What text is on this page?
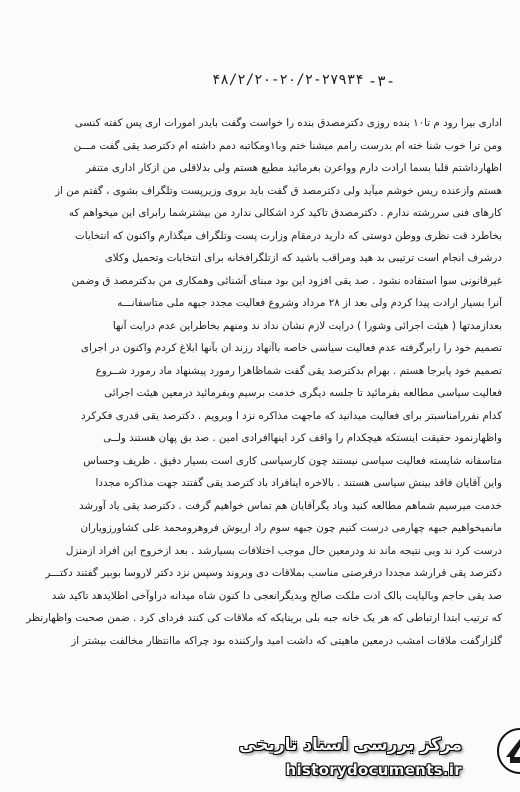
-۳-
۴۸/۲/۲۰-۲۰/۲-۲۷۹۳۴
اداری بیرا رود م تا۱۰ بنده روزی دکترمصدق بنده را خواست وگفت بایدر امورات اری پس کفته کنسی
ومن ترا خوب شنا خته ام بدرست رامم میشنا ختم وبا۱ومکاتبه دمم داشته ام دکترصد یقی گفت مـــن
اظهارداشتم قلبا بسما ارادت دارم وواعرن بغرمائید مطیع هستم ولی بدلاقلی من ازکار اداری متنفر
هستم وازعنده ریس خوشم میآید ولی دکترمصد ق گفت باید بروی وزیرپست وتلگراف بشوی ، گفتم من از
کارهای فنی سررشته ندارم . دکترمصدق تاکید کرد اشکالی ندارد من بیشترشما رابرای این میخواهم که
بخاطرد قت نظری ووطن دوستی که دارید درمقام وزارت پست وتلگراف میگذارم واکنون که انتخابات
درشرف انجام است ترتیبی بد هید ومراقب باشید که ازتلگرافخانه برای انتخابات وتحمیل وکلای
غیرقانونی سوا استفاده نشود . صد یقی افزود این بود مبنای آشنائی وهمکاری من بدکترمصد ق وضمن
آنرا بسیار ارادت پیدا کردم ولی بعد از ۲۸ مرداد وشروع فعالیت مجدد جبهه ملی متاسفانـــه
بعدازمدتها ( هیئت اجرائی وشورا ) درایت لازم نشان نداد ند ومنهم بخاطراین عدم درایت آنها
تصمیم خود را رابرگرفته عدم فعالیت سیاسی خاصه باآنهاد رزند ان بآنها ابلاغ کردم واکنون در اجرای
تصمیم خود پابرجا هستم . بهرام بدکترصد یقی گفت شماظاهرا رمورد پیشنهاد ماد رمورد شــروع
فعالیت سیاسی مطالعه بفرمائید تا جلسه دیگری خدمت برسیم وبفرمائید درمعین هیئت اجرائی
کدام نفررامناسبتر برای فعالیت میدانید که ماجهت مذاکره نزد ا وبرویم . دکترصد یقی قدری فکرکرد
واظهارنمود حقیقت اینستکه هیچکدام را واقف کرد اینهاافرادی امین . صد بق پهان هستند ولــی
متاسفانه شایسته فعالیت سیاسی نیستند چون کارسیاسی کاری است بسیار دقیق . ظریف وحساس
واین آقایان فاقد بینش سیاسی هستند . بالاخره اینافراد باد کترصد یقی گفتند جهت مذاکره مجددا
خدمت میرسیم شماهم مطالعه کنید وباد یگرآقایان هم تماس خواهیم گرفت . دکترصد یقی یاد آورشد
مانمیخواهیم جبهه چهارمی درست کنیم چون جبهه سوم راد اریوش فروهرومحمد علی کشاورزویاران
درست کرد ند وبی نتیجه ماند ند ودرمعین حال موجب اختلافات بسیارشد . بعد ازخروج این افراد ازمنزل
دکترصد یقی قرارشد مجددا درفرصتی مناسب بملاقات دی وبروند وسپس نزد دکتر لاروسا بوبیر گفتند دکتـــر
صد یقی حاجم وبالیایت بالک ادت ملکت صالح وبدیگرانعجی دا کنون شاه میدانه دراوآخی اطلایدهد تاکید شد
که ترتیب ابتدا ارتباطی که هر یک خانه جبه بلی برینایکه که ملاقات کی کنند فردای کرد . ضمن صحبت واظهارنظر
گلزارگفت ملاقات امشب درمعین ماهیتی که داشت امید وارکننده بود چراکه ماانتظار مخالفت بیشتر از
مرکز بررسی اسناد تاریخی
historydocuments.ir
